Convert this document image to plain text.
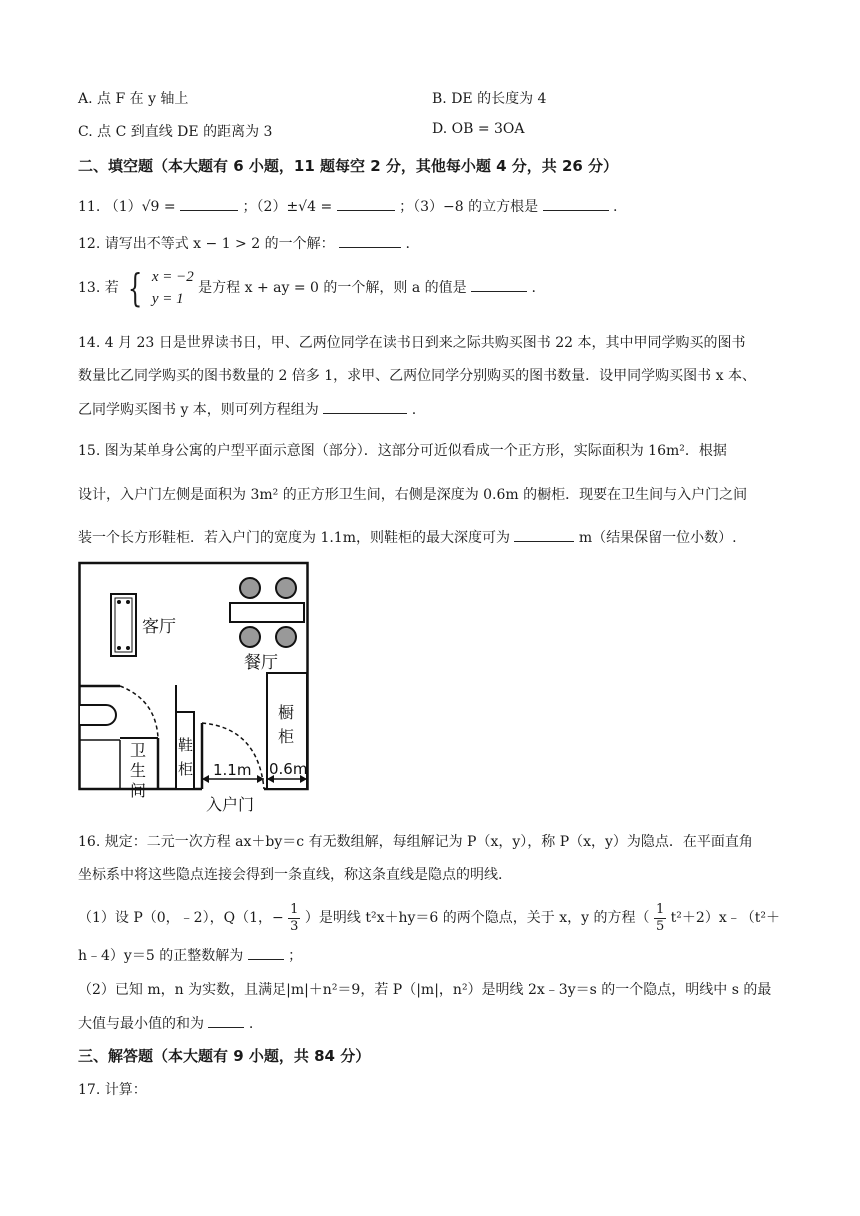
A. 点 F 在 y 轴上	B. DE 的长度为 4
C. 点 C 到直线 DE 的距离为 3	D. OB = 3OA
二、填空题（本大题有 6 小题，11 题每空 2 分，其他每小题 4 分，共 26 分）
11. （1）√9 =	；（2）±√4 =	；（3）−8 的立方根是	.
12. 请写出不等式 x − 1 > 2 的一个解：	.
13. 若 { x = −2
y = 1
是方程 x + ay = 0 的一个解，则 a 的值是	.
14. 4 月 23 日是世界读书日，甲、乙两位同学在读书日到来之际共购买图书 22 本，其中甲同学购买的图书
数量比乙同学购买的图书数量的 2 倍多 1，求甲、乙两位同学分别购买的图书数量．设甲同学购买图书 x 本、
乙同学购买图书 y 本，则可列方程组为	.
15. 图为某单身公寓的户型平面示意图（部分）．这部分可近似看成一个正方形，实际面积为 16m²．根据
设计，入户门左侧是面积为 3m² 的正方形卫生间，右侧是深度为 0.6m 的橱柜．现要在卫生间与入户门之间
装一个长方形鞋柜．若入户门的宽度为 1.1m，则鞋柜的最大深度可为	m（结果保留一位小数）.
客厅
餐厅
橱
柜
卫
生
间
鞋
柜 1.1m 0.6m
入户门
16. 规定：二元一次方程 ax＋by＝c 有无数组解，每组解记为 P（x，y），称 P（x，y）为隐点．在平面直角
坐标系中将这些隐点连接会得到一条直线，称这条直线是隐点的明线.
（1）设 P（0，﹣2），Q（1，− $\frac{1}{3}$ ）是明线 t²x＋hy＝6 的两个隐点，关于 x，y 的方程（ $\frac{1}{5}$ t²＋2）x﹣（t²＋
h﹣4）y＝5 的正整数解为	；
（2）已知 m，n 为实数，且满足|m|＋n²＝9，若 P（|m|，n²）是明线 2x﹣3y＝s 的一个隐点，明线中 s 的最
大值与最小值的和为	.
三、解答题（本大题有 9 小题，共 84 分）
17. 计算：
